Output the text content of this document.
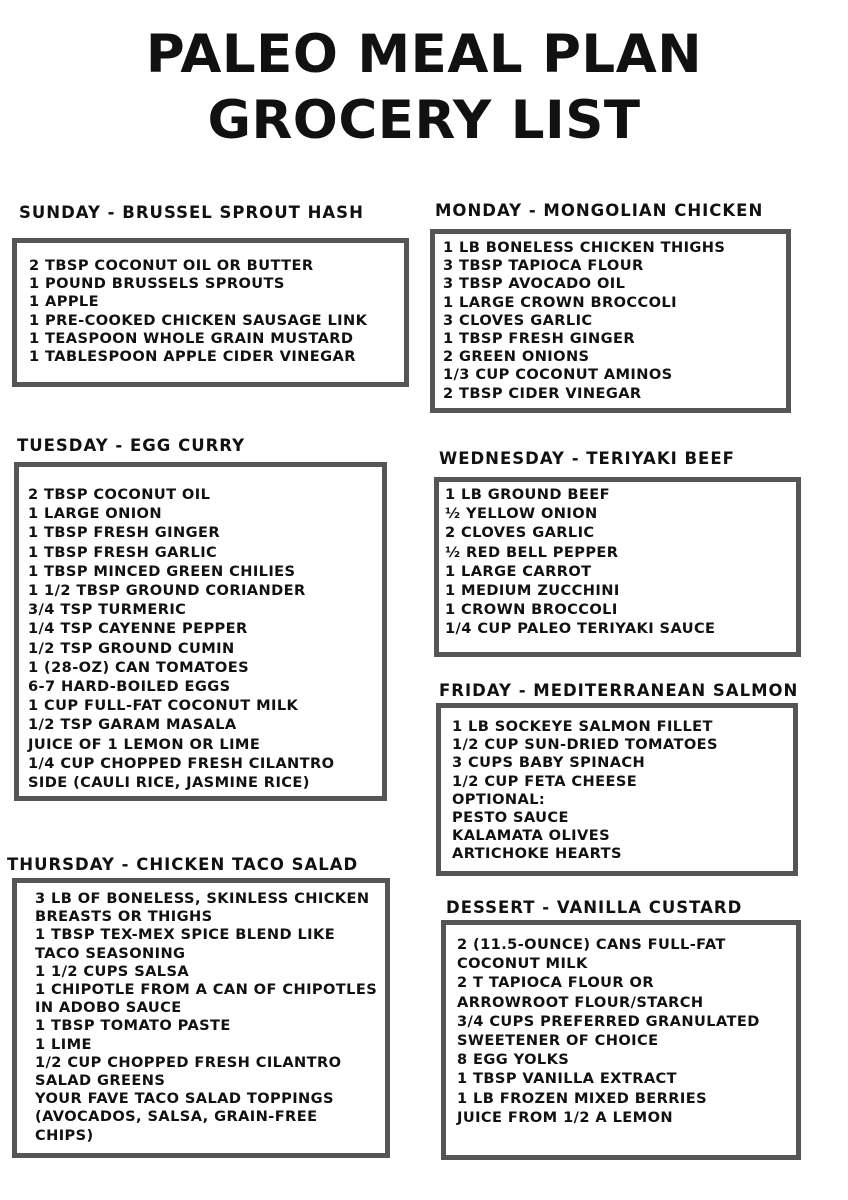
PALEO MEAL PLAN
GROCERY LIST
SUNDAY - BRUSSEL SPROUT HASH
2 TBSP COCONUT OIL OR BUTTER
1 POUND BRUSSELS SPROUTS
1 APPLE
1 PRE-COOKED CHICKEN SAUSAGE LINK
1 TEASPOON WHOLE GRAIN MUSTARD
1 TABLESPOON APPLE CIDER VINEGAR
MONDAY - MONGOLIAN CHICKEN
1 LB BONELESS CHICKEN THIGHS
3 TBSP TAPIOCA FLOUR
3 TBSP AVOCADO OIL
1 LARGE CROWN BROCCOLI
3 CLOVES GARLIC
1 TBSP FRESH GINGER
2 GREEN ONIONS
1/3 CUP COCONUT AMINOS
2 TBSP CIDER VINEGAR
TUESDAY - EGG CURRY
2 TBSP COCONUT OIL
1 LARGE ONION
1 TBSP FRESH GINGER
1 TBSP FRESH GARLIC
1 TBSP MINCED GREEN CHILIES
1 1/2 TBSP GROUND CORIANDER
3/4 TSP TURMERIC
1/4 TSP CAYENNE PEPPER
1/2 TSP GROUND CUMIN
1 (28-OZ) CAN TOMATOES
6-7 HARD-BOILED EGGS
1 CUP FULL-FAT COCONUT MILK
1/2 TSP GARAM MASALA
JUICE OF 1 LEMON OR LIME
1/4 CUP CHOPPED FRESH CILANTRO
SIDE (CAULI RICE, JASMINE RICE)
WEDNESDAY - TERIYAKI BEEF
1 LB GROUND BEEF
½ YELLOW ONION
2 CLOVES GARLIC
½ RED BELL PEPPER
1 LARGE CARROT
1 MEDIUM ZUCCHINI
1 CROWN BROCCOLI
1/4 CUP PALEO TERIYAKI SAUCE
FRIDAY - MEDITERRANEAN SALMON
1 LB SOCKEYE SALMON FILLET
1/2 CUP SUN-DRIED TOMATOES
3 CUPS BABY SPINACH
1/2 CUP FETA CHEESE
OPTIONAL:
PESTO SAUCE
KALAMATA OLIVES
ARTICHOKE HEARTS
THURSDAY - CHICKEN TACO SALAD
3 LB OF BONELESS, SKINLESS CHICKEN
BREASTS OR THIGHS
1 TBSP TEX-MEX SPICE BLEND LIKE
TACO SEASONING
1 1/2 CUPS SALSA
1 CHIPOTLE FROM A CAN OF CHIPOTLES
IN ADOBO SAUCE
1 TBSP TOMATO PASTE
1 LIME
1/2 CUP CHOPPED FRESH CILANTRO
SALAD GREENS
YOUR FAVE TACO SALAD TOPPINGS
(AVOCADOS, SALSA, GRAIN-FREE
CHIPS)
DESSERT - VANILLA CUSTARD
2 (11.5-OUNCE) CANS FULL-FAT
COCONUT MILK
2 T TAPIOCA FLOUR OR
ARROWROOT FLOUR/STARCH
3/4 CUPS PREFERRED GRANULATED
SWEETENER OF CHOICE
8 EGG YOLKS
1 TBSP VANILLA EXTRACT
1 LB FROZEN MIXED BERRIES
JUICE FROM 1/2 A LEMON
